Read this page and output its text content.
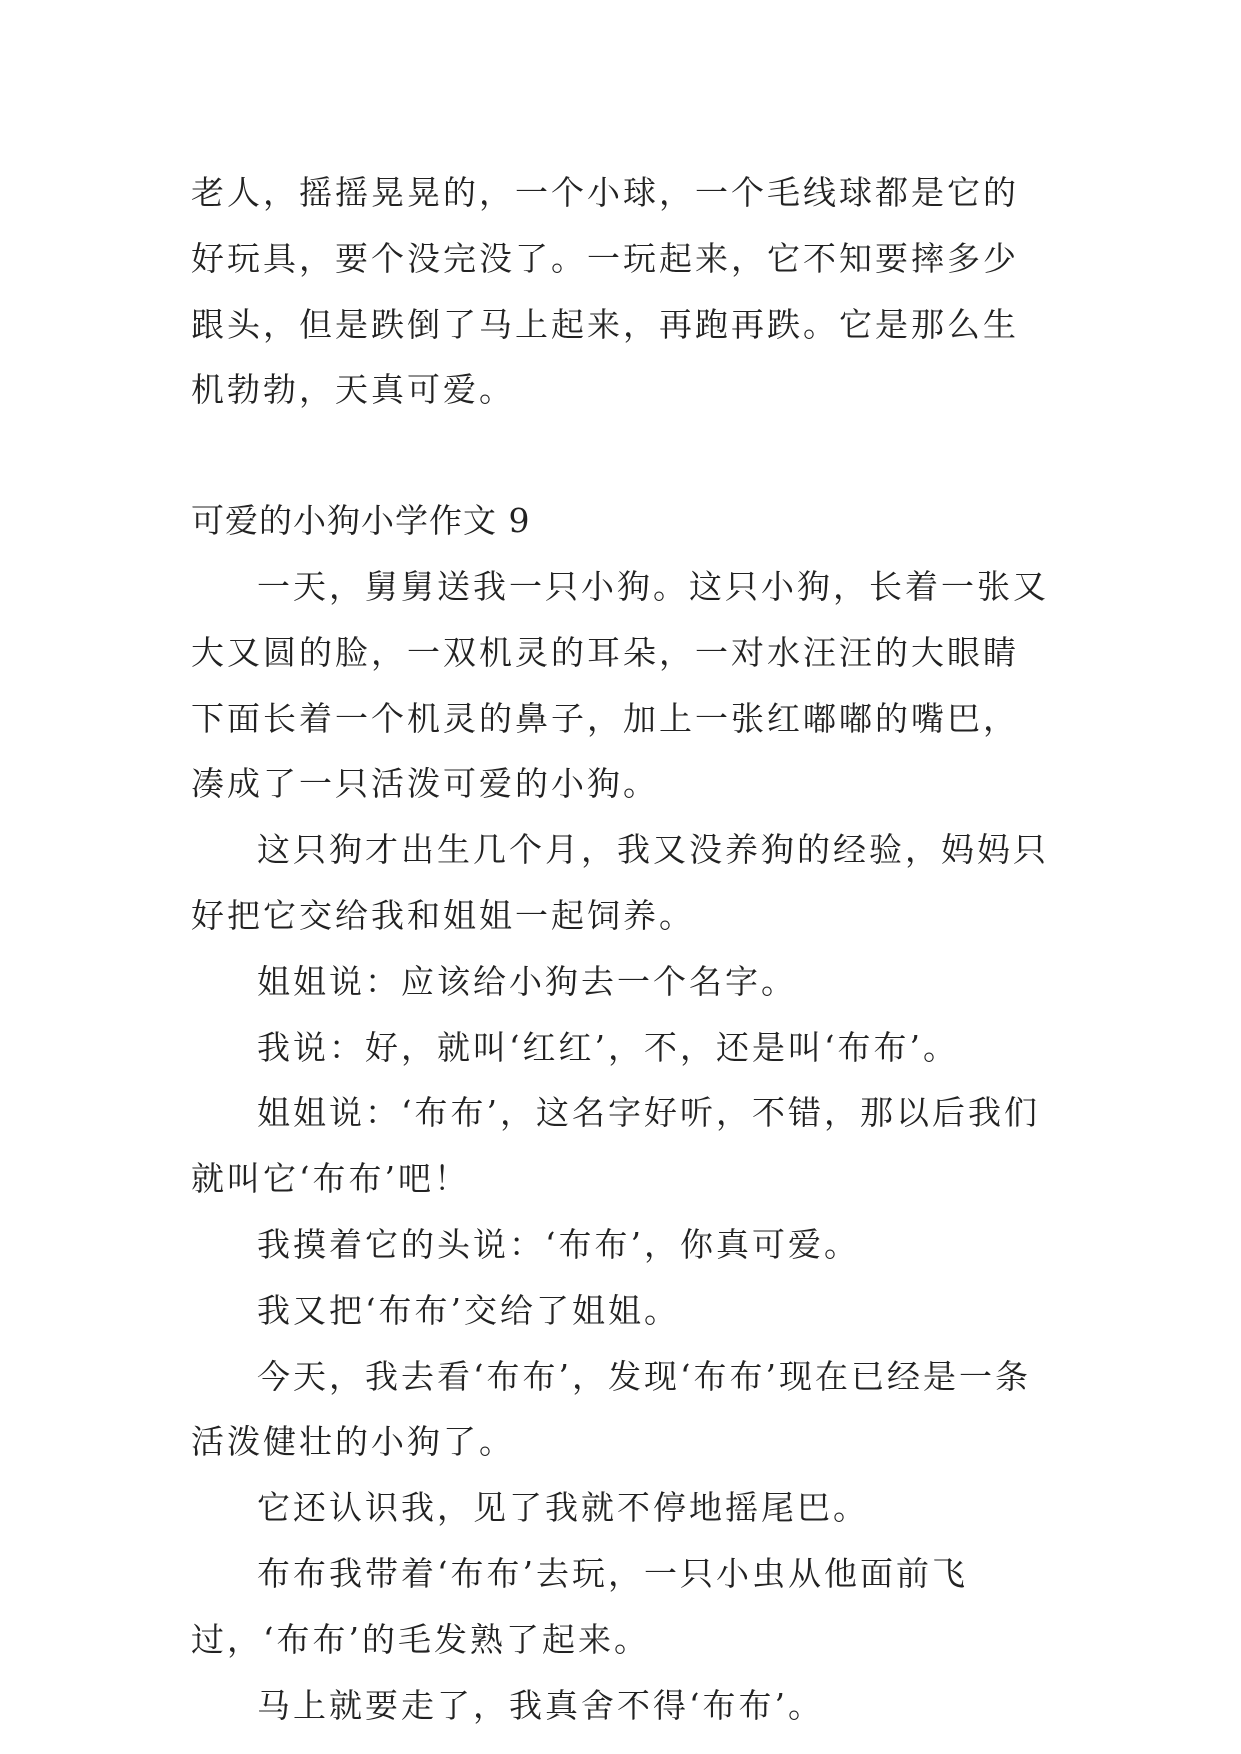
老人，摇摇晃晃的，一个小球，一个毛线球都是它的好玩具，要个没完没了。一玩起来，它不知要摔多少跟头，但是跌倒了马上起来，再跑再跌。它是那么生机勃勃，天真可爱。

可爱的小狗小学作文 9

一天，舅舅送我一只小狗。这只小狗，长着一张又大又圆的脸，一双机灵的耳朵，一对水汪汪的大眼睛下面长着一个机灵的鼻子，加上一张红嘟嘟的嘴巴，凑成了一只活泼可爱的小狗。

这只狗才出生几个月，我又没养狗的经验，妈妈只好把它交给我和姐姐一起饲养。

姐姐说：应该给小狗去一个名字。

我说：好，就叫‘红红’，不，还是叫‘布布’。

姐姐说：‘布布’，这名字好听，不错，那以后我们就叫它‘布布’吧！

我摸着它的头说：‘布布’，你真可爱。

我又把‘布布’交给了姐姐。

今天，我去看‘布布’，发现‘布布’现在已经是一条活泼健壮的小狗了。

它还认识我，见了我就不停地摇尾巴。

布布我带着‘布布’去玩，一只小虫从他面前飞过，‘布布’的毛发熟了起来。

马上就要走了，我真舍不得‘布布’。
